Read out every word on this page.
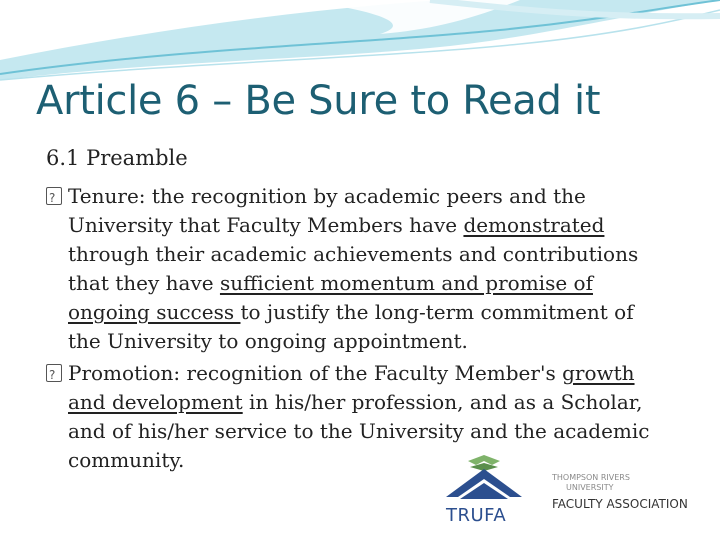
Article 6 – Be Sure to Read it
6.1 Preamble
?Tenure: the recognition by academic peers and the
University that Faculty Members have demonstrated
through their academic achievements and contributions
that they have sufficient momentum and promise of
ongoing success to justify the long-term commitment of
the University to ongoing appointment.
?Promotion: recognition of the Faculty Member's growth
and development in his/her profession, and as a Scholar,
and of his/her service to the University and the academic
community.
TRUFA
THOMPSON RIVERS
UNIVERSITY
FACULTY ASSOCIATION
